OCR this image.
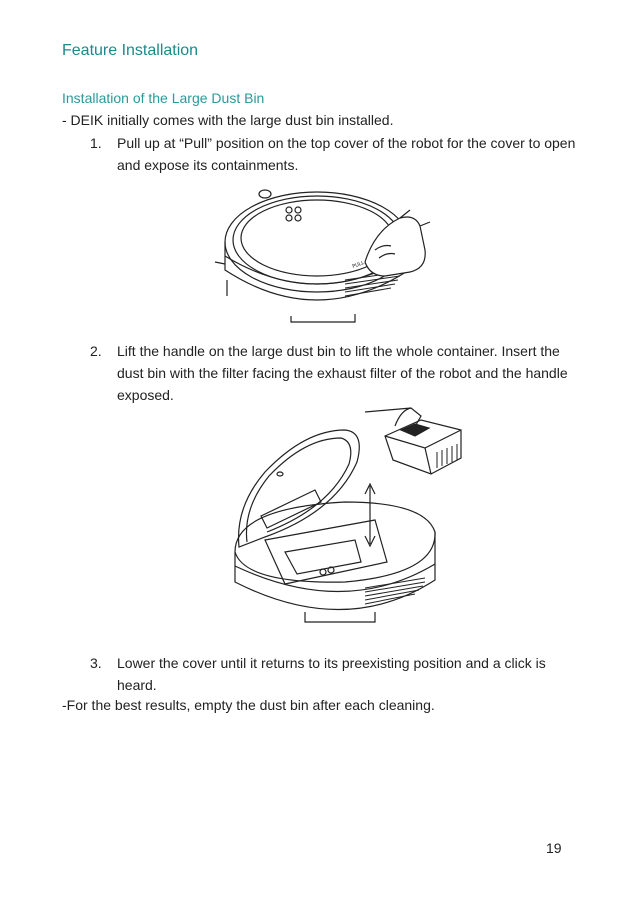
Feature Installation
Installation of the Large Dust Bin
- DEIK initially comes with the large dust bin installed.
1. Pull up at “Pull” position on the top cover of the robot for the cover to open and expose its containments.
PULL
2. Lift the handle on the large dust bin to lift the whole container. Insert the dust bin with the filter facing the exhaust filter of the robot and the handle exposed.
3. Lower the cover until it returns to its preexisting position and a click is heard.
-For the best results, empty the dust bin after each cleaning.
19
